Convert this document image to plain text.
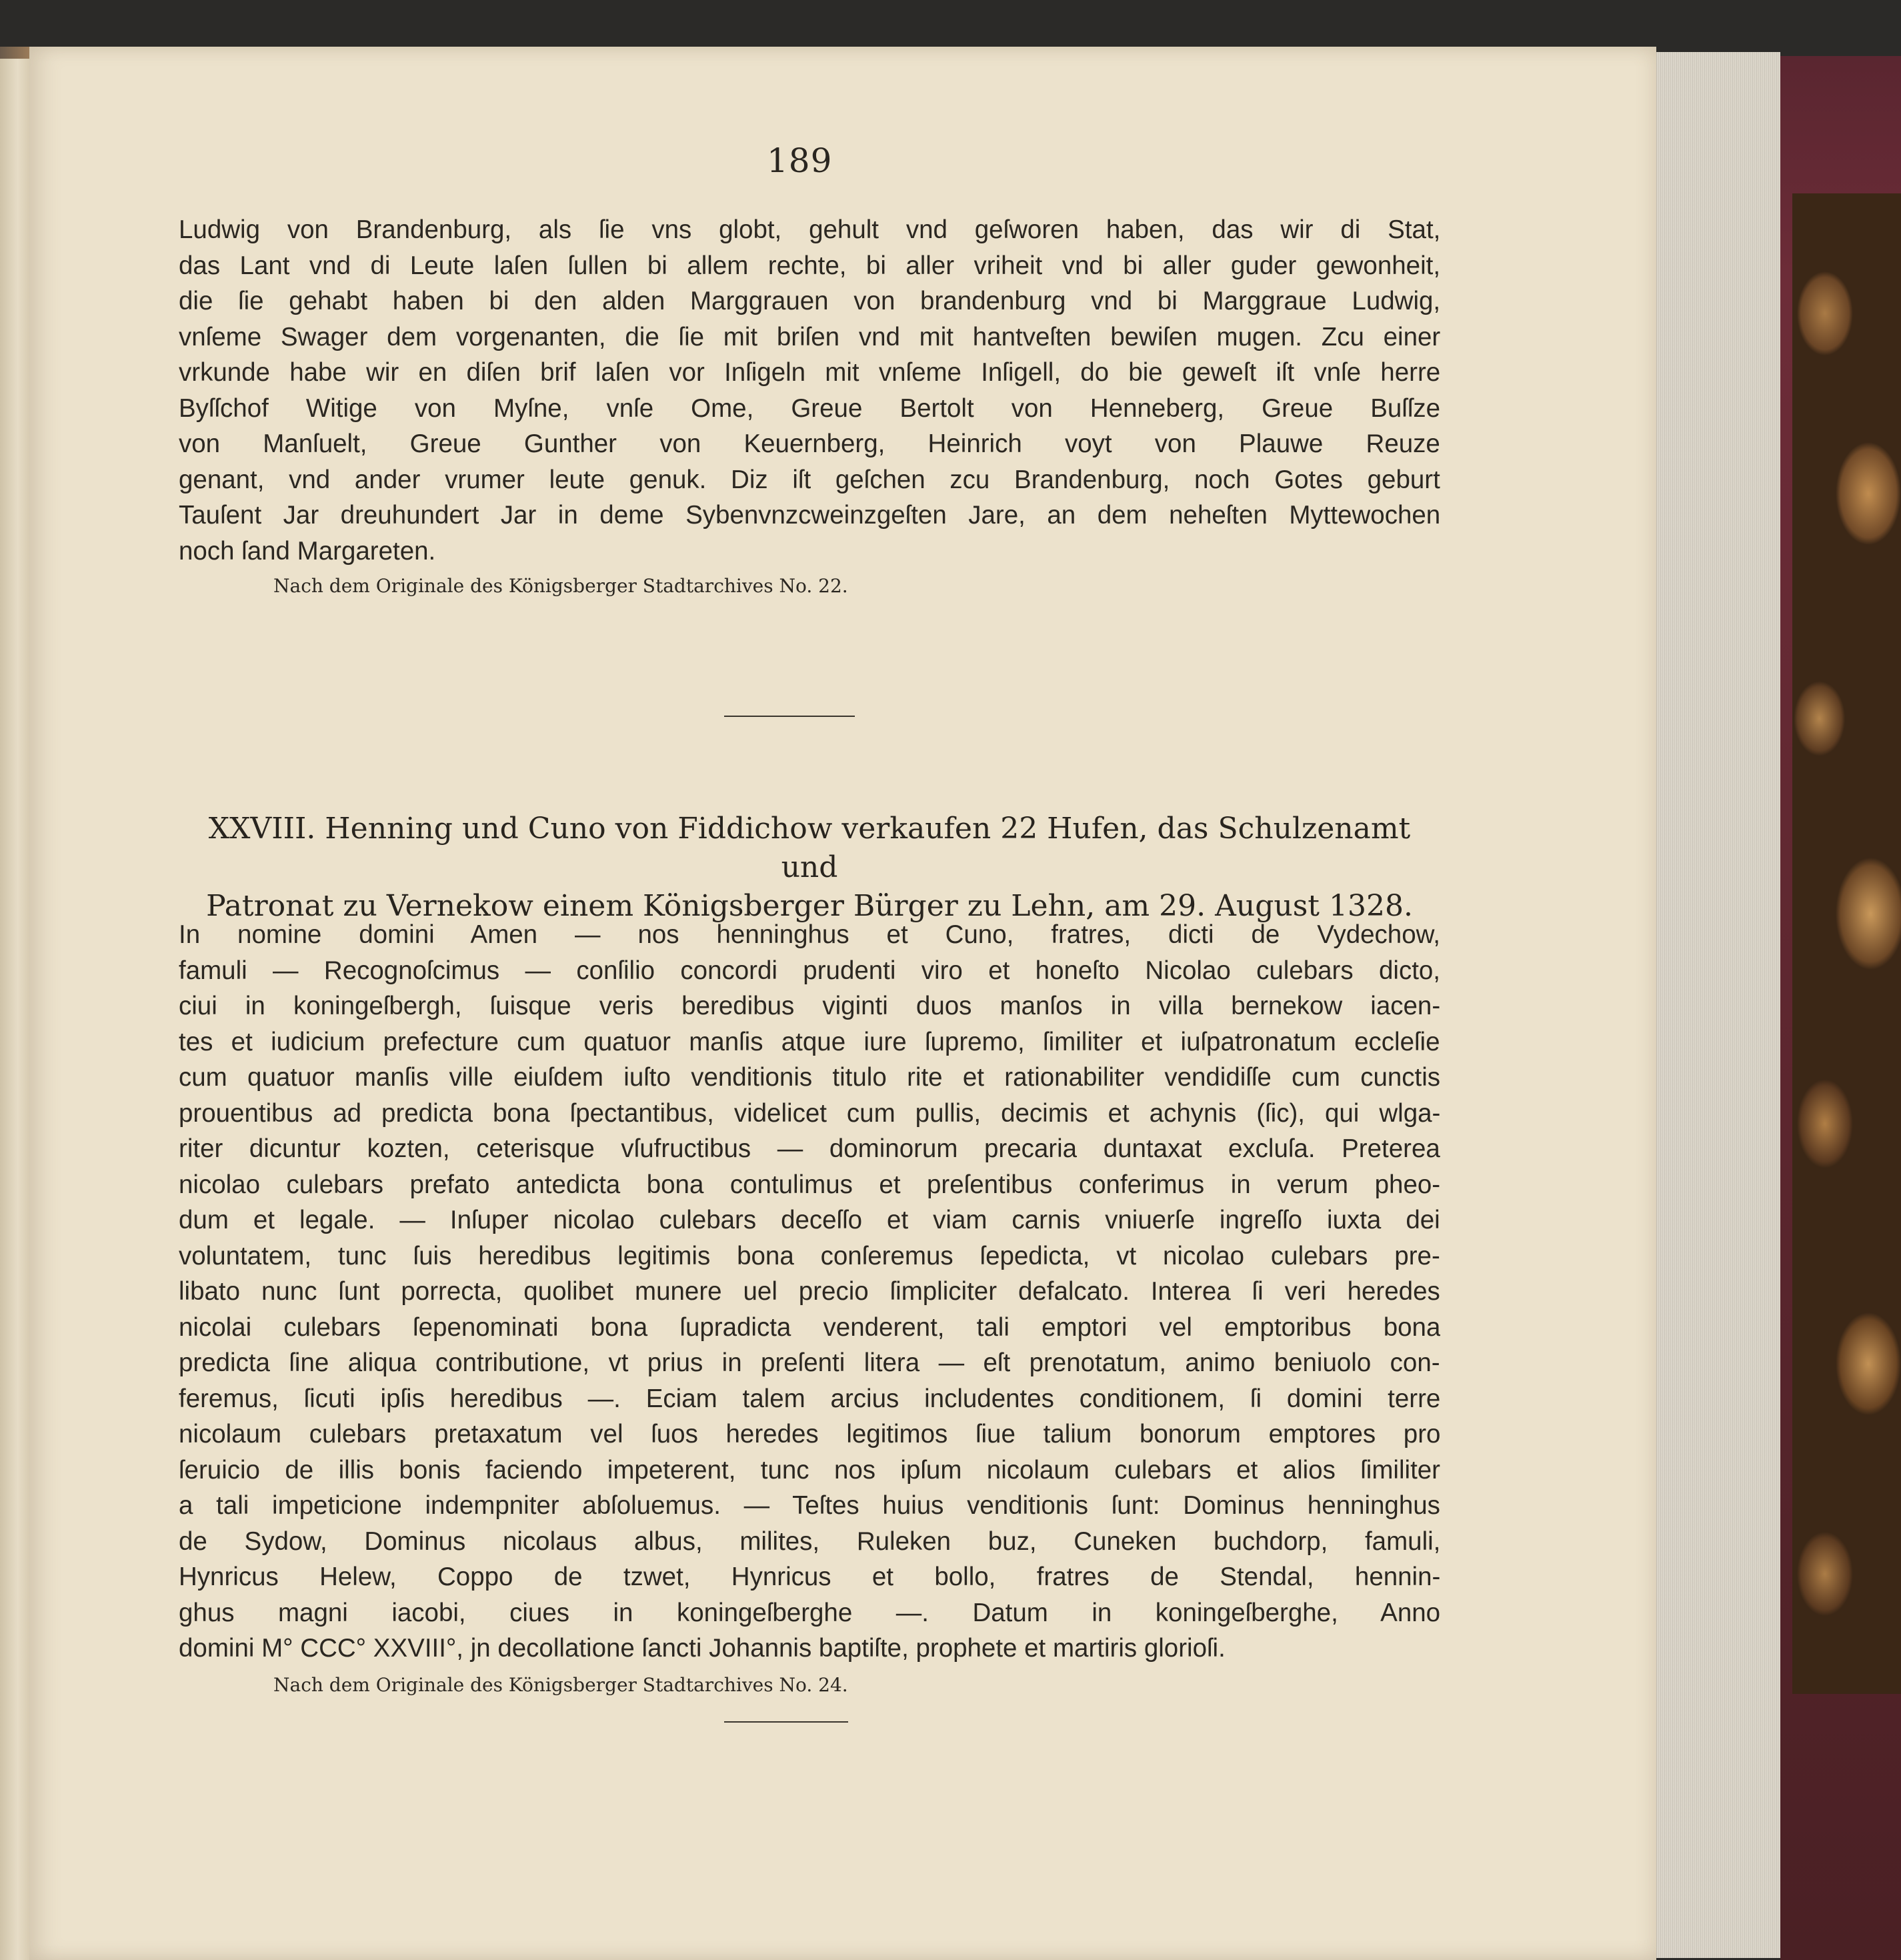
189
Ludwig von Brandenburg, als ſie vns globt, gehult vnd geſworen haben, das wir di Stat,
das Lant vnd di Leute laſen ſullen bi allem rechte, bi aller vriheit vnd bi aller guder gewonheit,
die ſie gehabt haben bi den alden Marggrauen von brandenburg vnd bi Marggraue Ludwig,
vnſeme Swager dem vorgenanten, die ſie mit briſen vnd mit hantveſten bewiſen mugen. Zcu einer
vrkunde habe wir en diſen brif laſen vor Inſigeln mit vnſeme Inſigell, do bie geweſt iſt vnſe herre
Byſſchof Witige von Myſne, vnſe Ome, Greue Bertolt von Henneberg, Greue Buſſze
von Manſuelt, Greue Gunther von Keuernberg, Heinrich voyt von Plauwe Reuze
genant, vnd ander vrumer leute genuk. Diz iſt geſchen zcu Brandenburg, noch Gotes geburt
Tauſent Jar dreuhundert Jar in deme Sybenvnzcweinzgeſten Jare, an dem neheſten Myttewochen
noch ſand Margareten.
Nach dem Originale des Königsberger Stadtarchives No. 22.
XXVIII. Henning und Cuno von Fiddichow verkaufen 22 Hufen, das Schulzenamt und
Patronat zu Vernekow einem Königsberger Bürger zu Lehn, am 29. August 1328.
In nomine domini Amen — nos henninghus et Cuno, fratres, dicti de Vydechow,
famuli — Recognoſcimus — conſilio concordi prudenti viro et honeſto Nicolao culebars dicto,
ciui in koningeſbergh, ſuisque veris beredibus viginti duos manſos in villa bernekow iacen-
tes et iudicium prefecture cum quatuor manſis atque iure ſupremo, ſimiliter et iuſpatronatum eccleſie
cum quatuor manſis ville eiuſdem iuſto venditionis titulo rite et rationabiliter vendidiſſe cum cunctis
prouentibus ad predicta bona ſpectantibus, videlicet cum pullis, decimis et achynis (ſic), qui wlga-
riter dicuntur kozten, ceterisque vſufructibus — dominorum precaria duntaxat excluſa. Preterea
nicolao culebars prefato antedicta bona contulimus et preſentibus conferimus in verum pheo-
dum et legale. — Inſuper nicolao culebars deceſſo et viam carnis vniuerſe ingreſſo iuxta dei
voluntatem, tunc ſuis heredibus legitimis bona conſeremus ſepedicta, vt nicolao culebars pre-
libato nunc ſunt porrecta, quolibet munere uel precio ſimpliciter defalcato. Interea ſi veri heredes
nicolai culebars ſepenominati bona ſupradicta venderent, tali emptori vel emptoribus bona
predicta ſine aliqua contributione, vt prius in preſenti litera — eſt prenotatum, animo beniuolo con-
feremus, ſicuti ipſis heredibus —. Eciam talem arcius includentes conditionem, ſi domini terre
nicolaum culebars pretaxatum vel ſuos heredes legitimos ſiue talium bonorum emptores pro
ſeruicio de illis bonis faciendo impeterent, tunc nos ipſum nicolaum culebars et alios ſimiliter
a tali impeticione indempniter abſoluemus. — Teſtes huius venditionis ſunt: Dominus henninghus
de Sydow, Dominus nicolaus albus, milites, Ruleken buz, Cuneken buchdorp, famuli,
Hynricus Helew, Coppo de tzwet, Hynricus et bollo, fratres de Stendal, hennin-
ghus magni iacobi, ciues in koningeſberghe —. Datum in koningeſberghe, Anno
domini M° CCC° XXVIII°, jn decollatione ſancti Johannis baptiſte, prophete et martiris glorioſi.
Nach dem Originale des Königsberger Stadtarchives No. 24.
